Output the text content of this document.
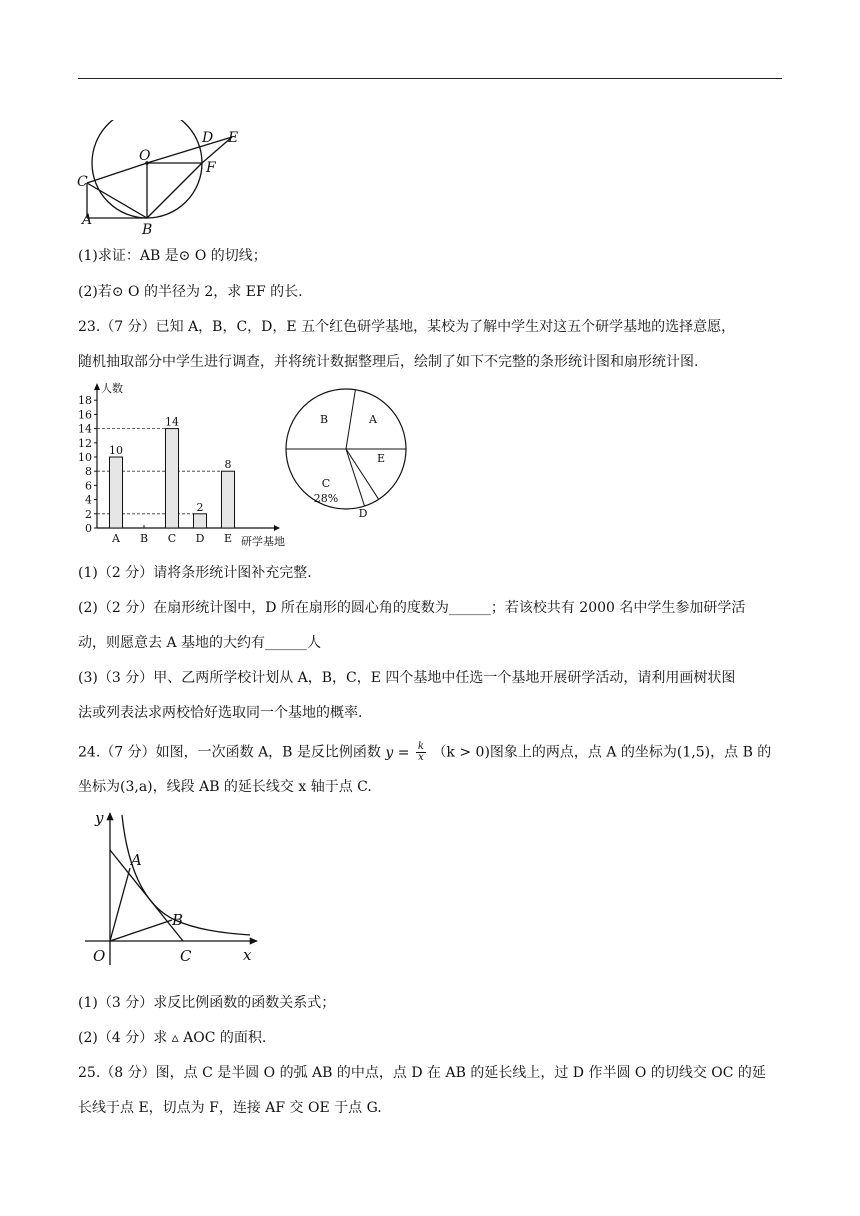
O
C
A
B
D E
F
(1)求证：AB 是⊙ O 的切线；
(2)若⊙ O 的半径为 2，求 EF 的长.
23.（7 分）已知 A，B，C，D，E 五个红色研学基地，某校为了解中学生对这五个研学基地的选择意愿，
随机抽取部分中学生进行调查，并将统计数据整理后，绘制了如下不完整的条形统计图和扇形统计图.
人数
研学基地
0
2
4
6
8
10
12
14
16
18
10
A B
14
C
2
D
8
E
A
E
D
C
28%
B
(1)（2 分）请将条形统计图补充完整.
(2)（2 分）在扇形统计图中，D 所在扇形的圆心角的度数为______；若该校共有 2000 名中学生参加研学活
动，则愿意去 A 基地的大约有______人
(3)（3 分）甲、乙两所学校计划从 A，B，C，E 四个基地中任选一个基地开展研学活动，请利用画树状图
法或列表法求两校恰好选取同一个基地的概率.
24.（7 分）如图，一次函数 A，B 是反比例函数 $y = \frac{k}{x} (k > 0)$图象上的两点，点 A 的坐标为(1,5)，点 B 的
坐标为(3,a)，线段 AB 的延长线交 x 轴于点 C.
y
x
O
A
B
C
(1)（3 分）求反比例函数的函数关系式；
(2)（4 分）求 ▵ AOC 的面积.
25.（8 分）图，点 C 是半圆 O 的弧 AB 的中点，点 D 在 AB 的延长线上，过 D 作半圆 O 的切线交 OC 的延
长线于点 E，切点为 F，连接 AF 交 OE 于点 G.
